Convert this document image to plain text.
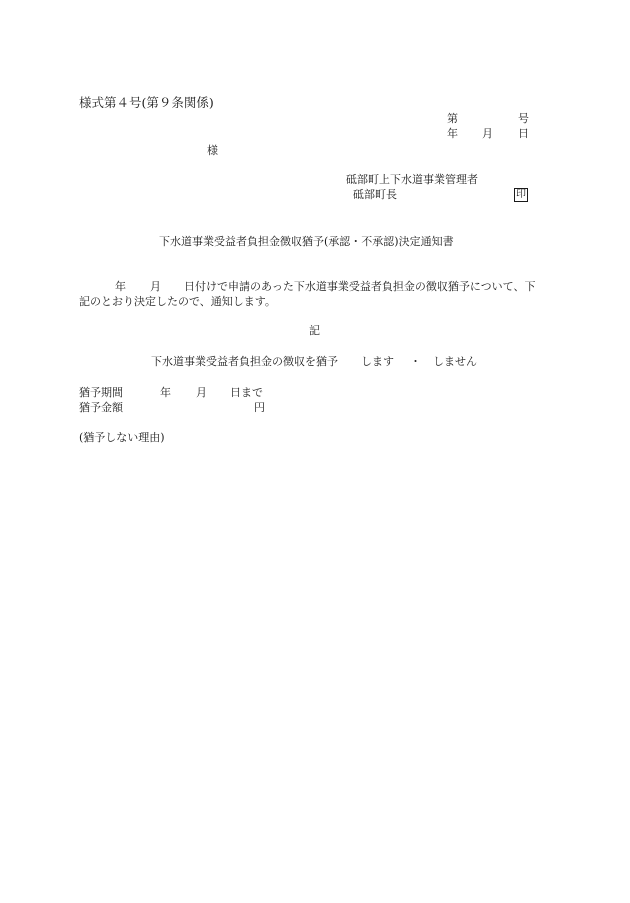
様式第４号(第９条関係)
第	号
年 月 日
様
砥部町上下水道事業管理者
砥部町長	印
下水道事業受益者負担金徴収猶予(承認・不承認)決定通知書
年 月 日付けで申請のあった下水道事業受益者負担金の徴収猶予について、下
記のとおり決定したので、通知します。
記
下水道事業受益者負担金の徴収を猶予 します ・ しません
猶予期間	年 月 日まで
猶予金額	円
(猶予しない理由)
